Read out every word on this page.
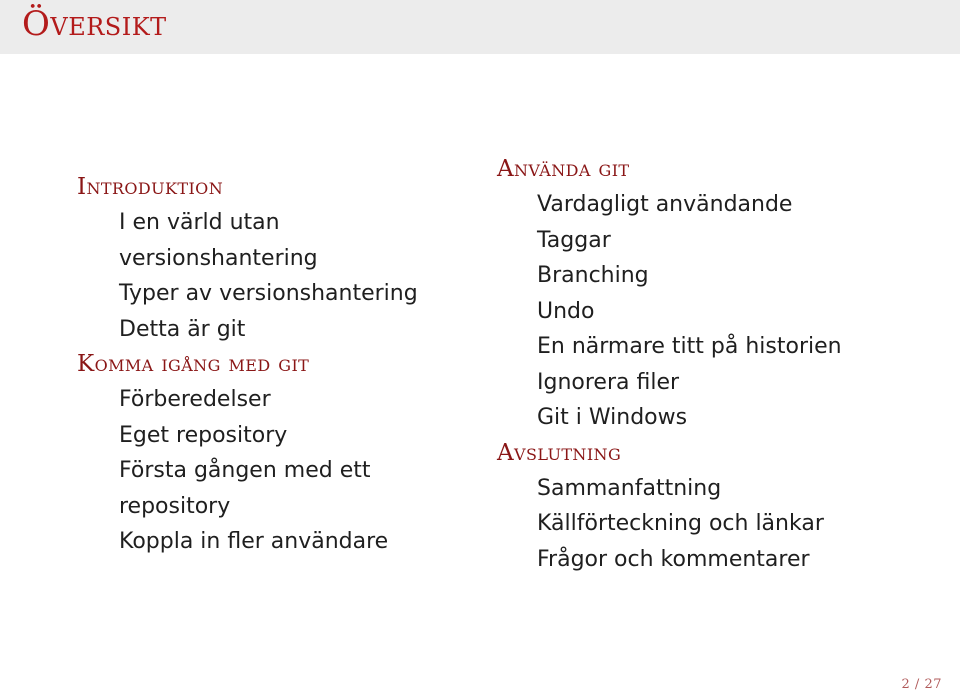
Översikt
Introduktion
I en värld utan versionshantering
Typer av versionshantering
Detta är git
Komma igång med git
Förberedelser
Eget repository
Första gången med ett repository
Koppla in fler användare
Använda git
Vardagligt användande
Taggar
Branching
Undo
En närmare titt på historien
Ignorera filer
Git i Windows
Avslutning
Sammanfattning
Källförteckning och länkar
Frågor och kommentarer
2 / 27
